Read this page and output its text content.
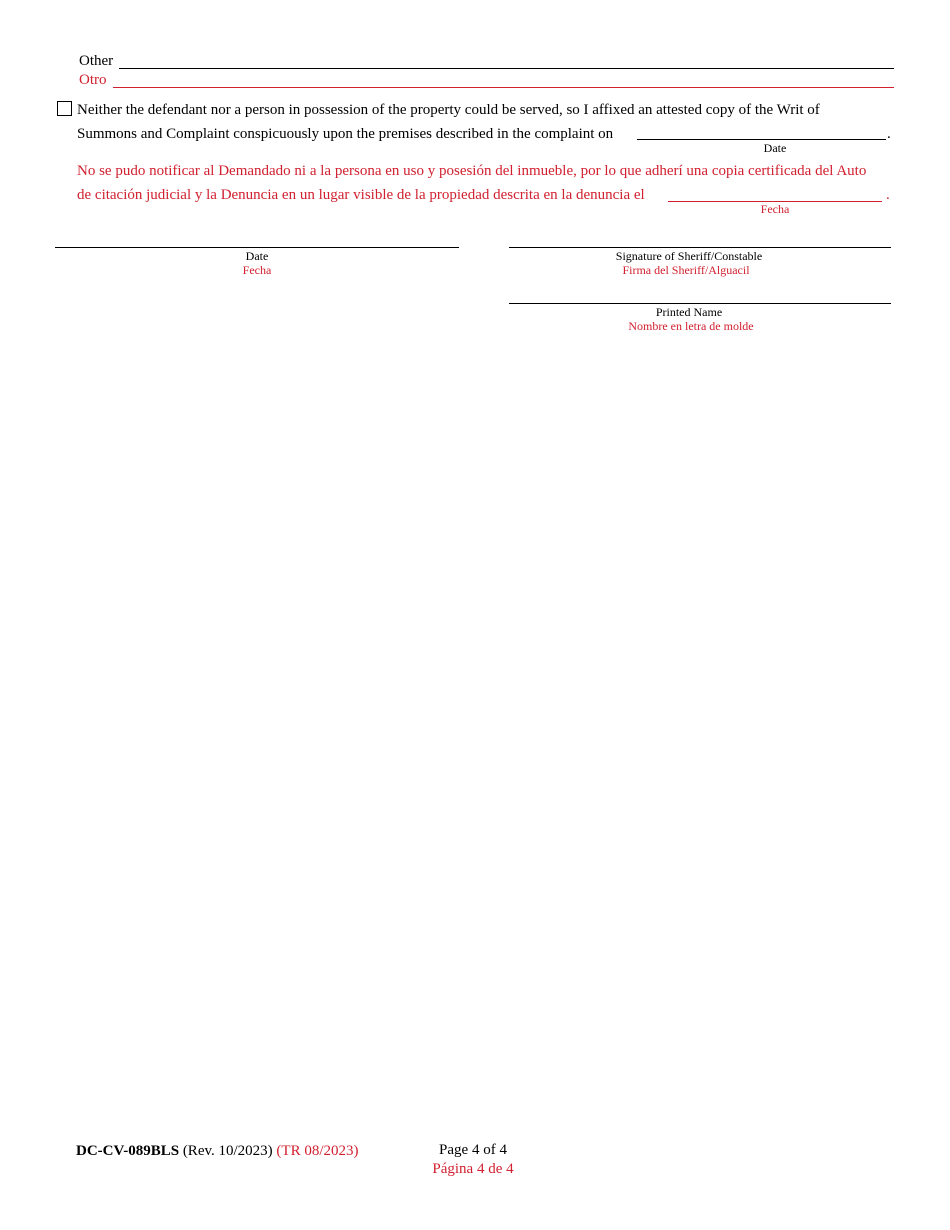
Other
Otro
Neither the defendant nor a person in possession of the property could be served, so I affixed an attested copy of the Writ of
Summons and Complaint conspicuously upon the premises described in the complaint on	.
Date
No se pudo notificar al Demandado ni a la persona en uso y posesión del inmueble, por lo que adherí una copia certificada del Auto
de citación judicial y la Denuncia en un lugar visible de la propiedad descrita en la denuncia el	.
Fecha
Date
Fecha
Signature of Sheriff/Constable
Firma del Sheriff/Alguacil
Printed Name
Nombre en letra de molde
DC-CV-089BLS (Rev. 10/2023) (TR 08/2023)	Page 4 of 4
Página 4 de 4
